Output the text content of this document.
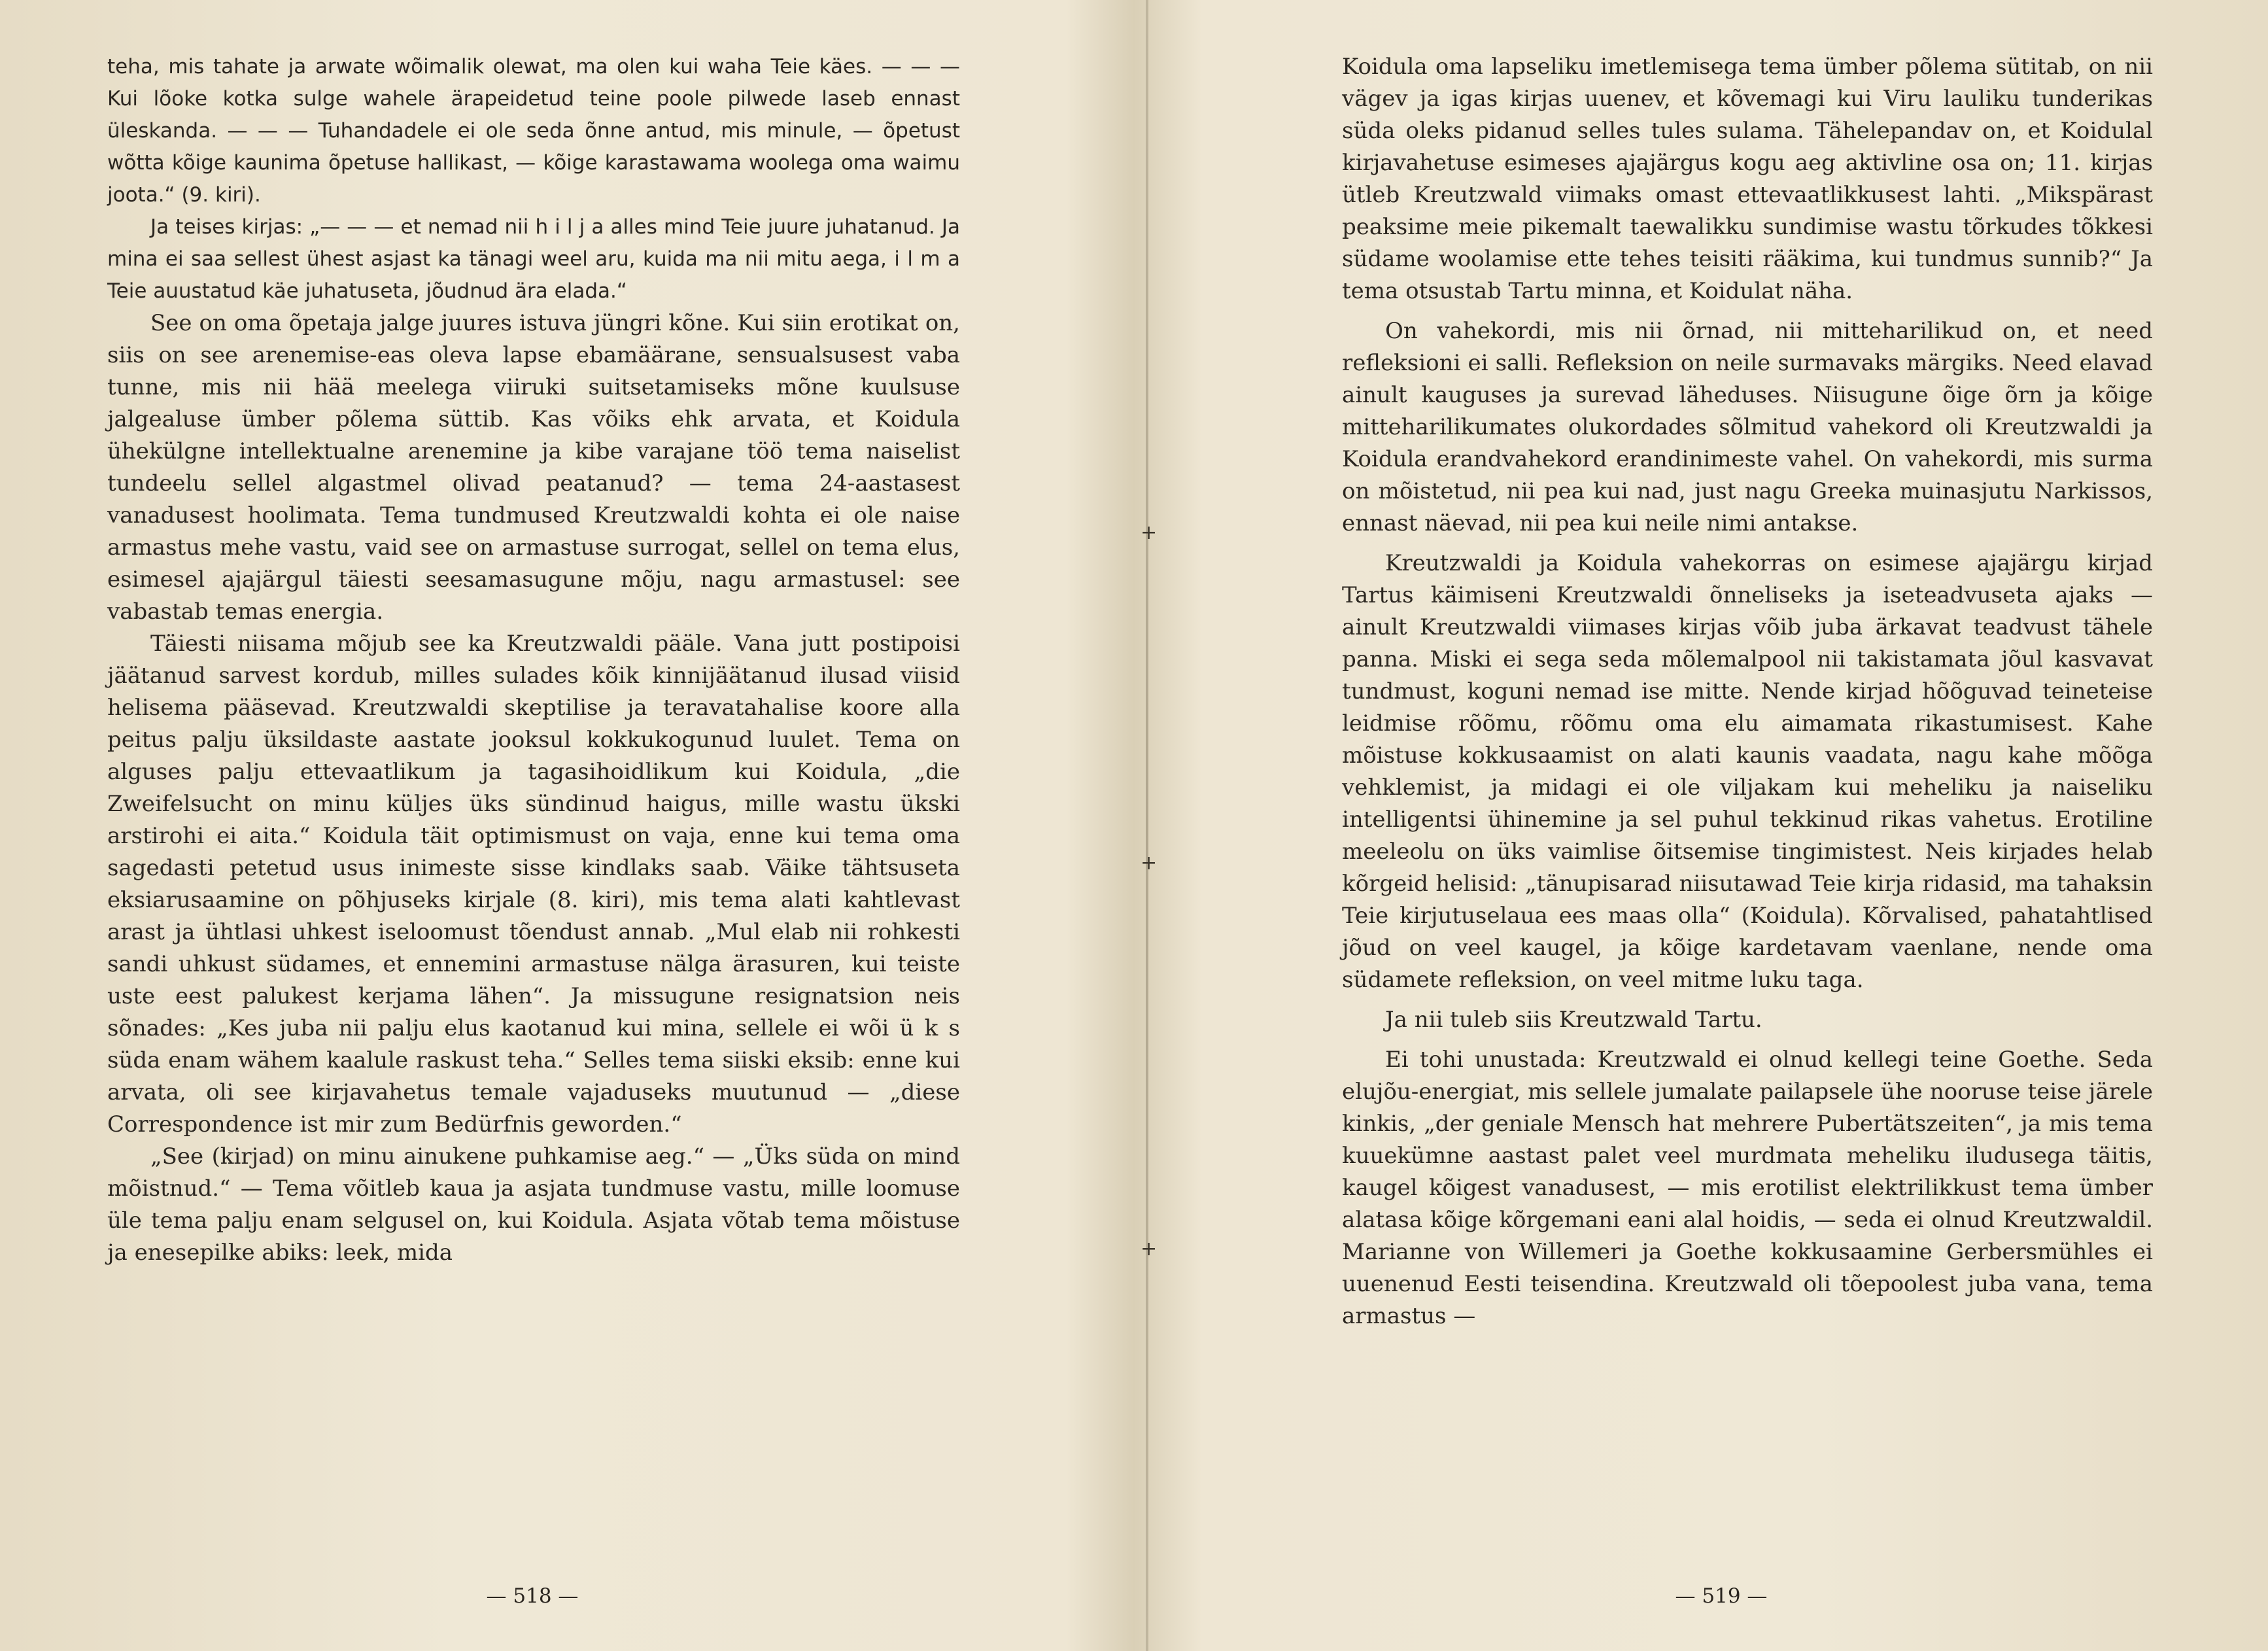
+
+
+

teha, mis tahate ja arwate wõimalik olewat, ma olen kui waha Teie käes. — — — Kui lõoke kotka sulge wahele ärapeidetud teine poole pilwede laseb ennast üleskanda. — — — Tuhandadele ei ole seda õnne antud, mis minule, — õpetust wõtta kõige kaunima õpetuse hallikast, — kõige karastawama woolega oma waimu joota.“ (9. kiri).

Ja teises kirjas: „— — — et nemad nii h i l j a alles mind Teie juure juhatanud. Ja mina ei saa sellest ühest asjast ka tänagi weel aru, kuida ma nii mitu aega, i l m a Teie auustatud käe juhatuseta, jõudnud ära elada.“

See on oma õpetaja jalge juures istuva jüngri kõne. Kui siin erotikat on, siis on see arenemise-eas oleva lapse ebamäärane, sensualsusest vaba tunne, mis nii hää meelega viiruki suitsetamiseks mõne kuulsuse jalgealuse ümber põlema süttib. Kas võiks ehk arvata, et Koidula ühekülgne intellektualne arenemine ja kibe varajane töö tema naiselist tundeelu sellel algastmel olivad peatanud? — tema 24-aastasest vanadusest hoolimata. Tema tundmused Kreutzwaldi kohta ei ole naise armastus mehe vastu, vaid see on armastuse surrogat, sellel on tema elus, esimesel ajajärgul täiesti seesamasugune mõju, nagu armastusel: see vabastab temas energia.

Täiesti niisama mõjub see ka Kreutzwaldi pääle. Vana jutt postipoisi jäätanud sarvest kordub, milles sulades kõik kinnijäätanud ilusad viisid helisema pääsevad. Kreutzwaldi skeptilise ja teravatahalise koore alla peitus palju üksildaste aastate jooksul kokkukogunud luulet. Tema on alguses palju ettevaatlikum ja tagasihoidlikum kui Koidula, „die Zweifelsucht on minu küljes üks sündinud haigus, mille wastu ükski arstirohi ei aita.“ Koidula täit optimismust on vaja, enne kui tema oma sagedasti petetud usus inimeste sisse kindlaks saab. Väike tähtsuseta eksiarusaamine on põhjuseks kirjale (8. kiri), mis tema alati kahtlevast arast ja ühtlasi uhkest iseloomust tõendust annab. „Mul elab nii rohkesti sandi uhkust südames, et ennemini armastuse nälga ärasuren, kui teiste uste eest palukest kerjama lähen“. Ja missugune resignatsion neis sõnades: „Kes juba nii palju elus kaotanud kui mina, sellele ei wõi ü k s süda enam wähem kaalule raskust teha.“ Selles tema siiski eksib: enne kui arvata, oli see kirjavahetus temale vajaduseks muutunud — „diese Correspondence ist mir zum Bedürfnis geworden.“

„See (kirjad) on minu ainukene puhkamise aeg.“ — „Üks süda on mind mõistnud.“ — Tema võitleb kaua ja asjata tundmuse vastu, mille loomuse üle tema palju enam selgusel on, kui Koidula. Asjata võtab tema mõistuse ja enesepilke abiks: leek, mida

— 518 —

Koidula oma lapseliku imetlemisega tema ümber põlema sütitab, on nii vägev ja igas kirjas uuenev, et kõvemagi kui Viru lauliku tunderikas süda oleks pidanud selles tules sulama. Tähelepandav on, et Koidulal kirjavahetuse esimeses ajajärgus kogu aeg aktivline osa on; 11. kirjas ütleb Kreutzwald viimaks omast ettevaatlikkusest lahti. „Mikspärast peaksime meie pikemalt taewalikku sundimise wastu tõrkudes tõkkesi südame woolamise ette tehes teisiti rääkima, kui tundmus sunnib?“ Ja tema otsustab Tartu minna, et Koidulat näha.

On vahekordi, mis nii õrnad, nii mitteharilikud on, et need refleksioni ei salli. Refleksion on neile surmavaks märgiks. Need elavad ainult kauguses ja surevad läheduses. Niisugune õige õrn ja kõige mitteharilikumates olukordades sõlmitud vahekord oli Kreutzwaldi ja Koidula erandvahekord erandinimeste vahel. On vahekordi, mis surma on mõistetud, nii pea kui nad, just nagu Greeka muinasjutu Narkissos, ennast näevad, nii pea kui neile nimi antakse.

Kreutzwaldi ja Koidula vahekorras on esimese ajajärgu kirjad Tartus käimiseni Kreutzwaldi õnneliseks ja iseteadvuseta ajaks — ainult Kreutzwaldi viimases kirjas võib juba ärkavat teadvust tähele panna. Miski ei sega seda mõlemalpool nii takistamata jõul kasvavat tundmust, koguni nemad ise mitte. Nende kirjad hõõguvad teineteise leidmise rõõmu, rõõmu oma elu aimamata rikastumisest. Kahe mõistuse kokkusaamist on alati kaunis vaadata, nagu kahe mõõga vehklemist, ja midagi ei ole viljakam kui meheliku ja naiseliku intelligentsi ühinemine ja sel puhul tekkinud rikas vahetus. Erotiline meeleolu on üks vaimlise õitsemise tingimistest. Neis kirjades helab kõrgeid helisid: „tänupisarad niisutawad Teie kirja ridasid, ma tahaksin Teie kirjutuselaua ees maas olla“ (Koidula). Kõrvalised, pahatahtlised jõud on veel kaugel, ja kõige kardetavam vaenlane, nende oma südamete refleksion, on veel mitme luku taga.

Ja nii tuleb siis Kreutzwald Tartu.

Ei tohi unustada: Kreutzwald ei olnud kellegi teine Goethe. Seda elujõu-energiat, mis sellele jumalate pailapsele ühe nooruse teise järele kinkis, „der geniale Mensch hat mehrere Pubertätszeiten“, ja mis tema kuuekümne aastast palet veel murdmata meheliku iludusega täitis, kaugel kõigest vanadusest, — mis erotilist elektrilikkust tema ümber alatasa kõige kõrgemani eani alal hoidis, — seda ei olnud Kreutzwaldil. Marianne von Willemeri ja Goethe kokkusaamine Gerbersmühles ei uuenenud Eesti teisendina. Kreutzwald oli tõepoolest juba vana, tema armastus —

— 519 —
